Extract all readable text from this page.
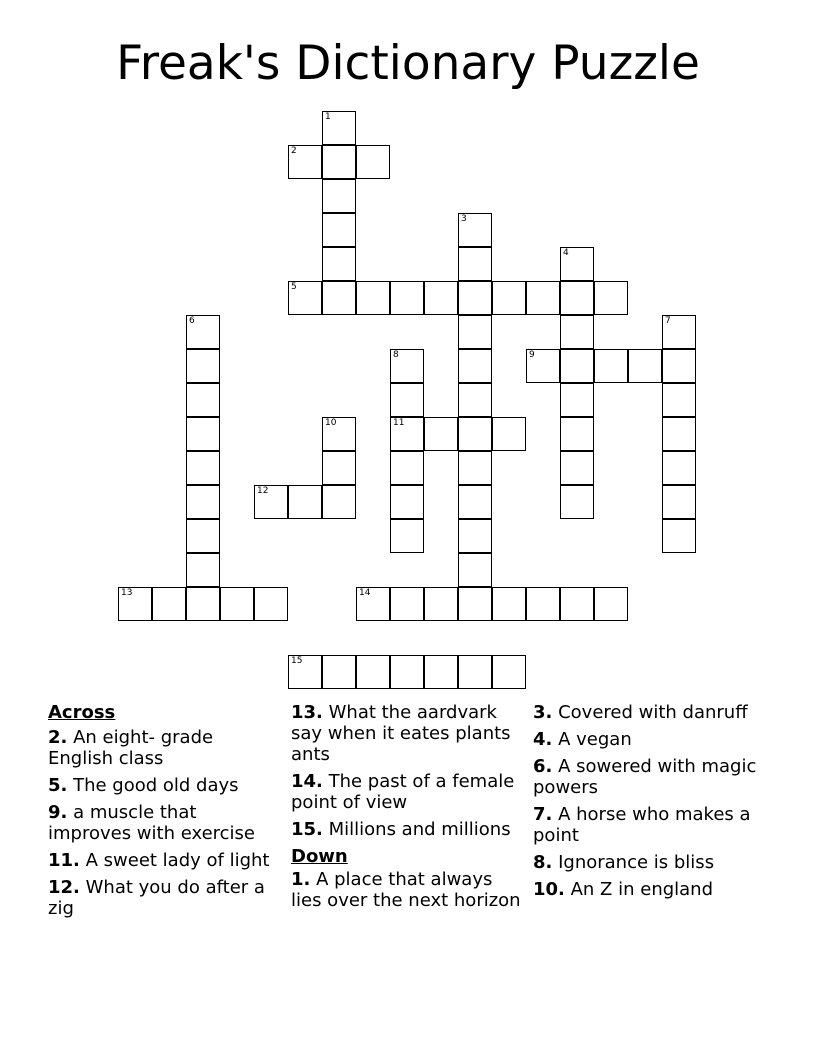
Freak's Dictionary Puzzle
2
5
9
11
12
13	14
15
1
3
4
6	7
8
10
Across
2. An eight- grade English class
5. The good old days
9. a muscle that improves with exercise
11. A sweet lady of light
12. What you do after a zig
13. What the aardvark say when it eates plants ants
14. The past of a female point of view
15. Millions and millions
Down
1. A place that always lies over the next horizon
3. Covered with danruff
4. A vegan
6. A sowered with magic powers
7. A horse who makes a point
8. Ignorance is bliss
10. An Z in england
